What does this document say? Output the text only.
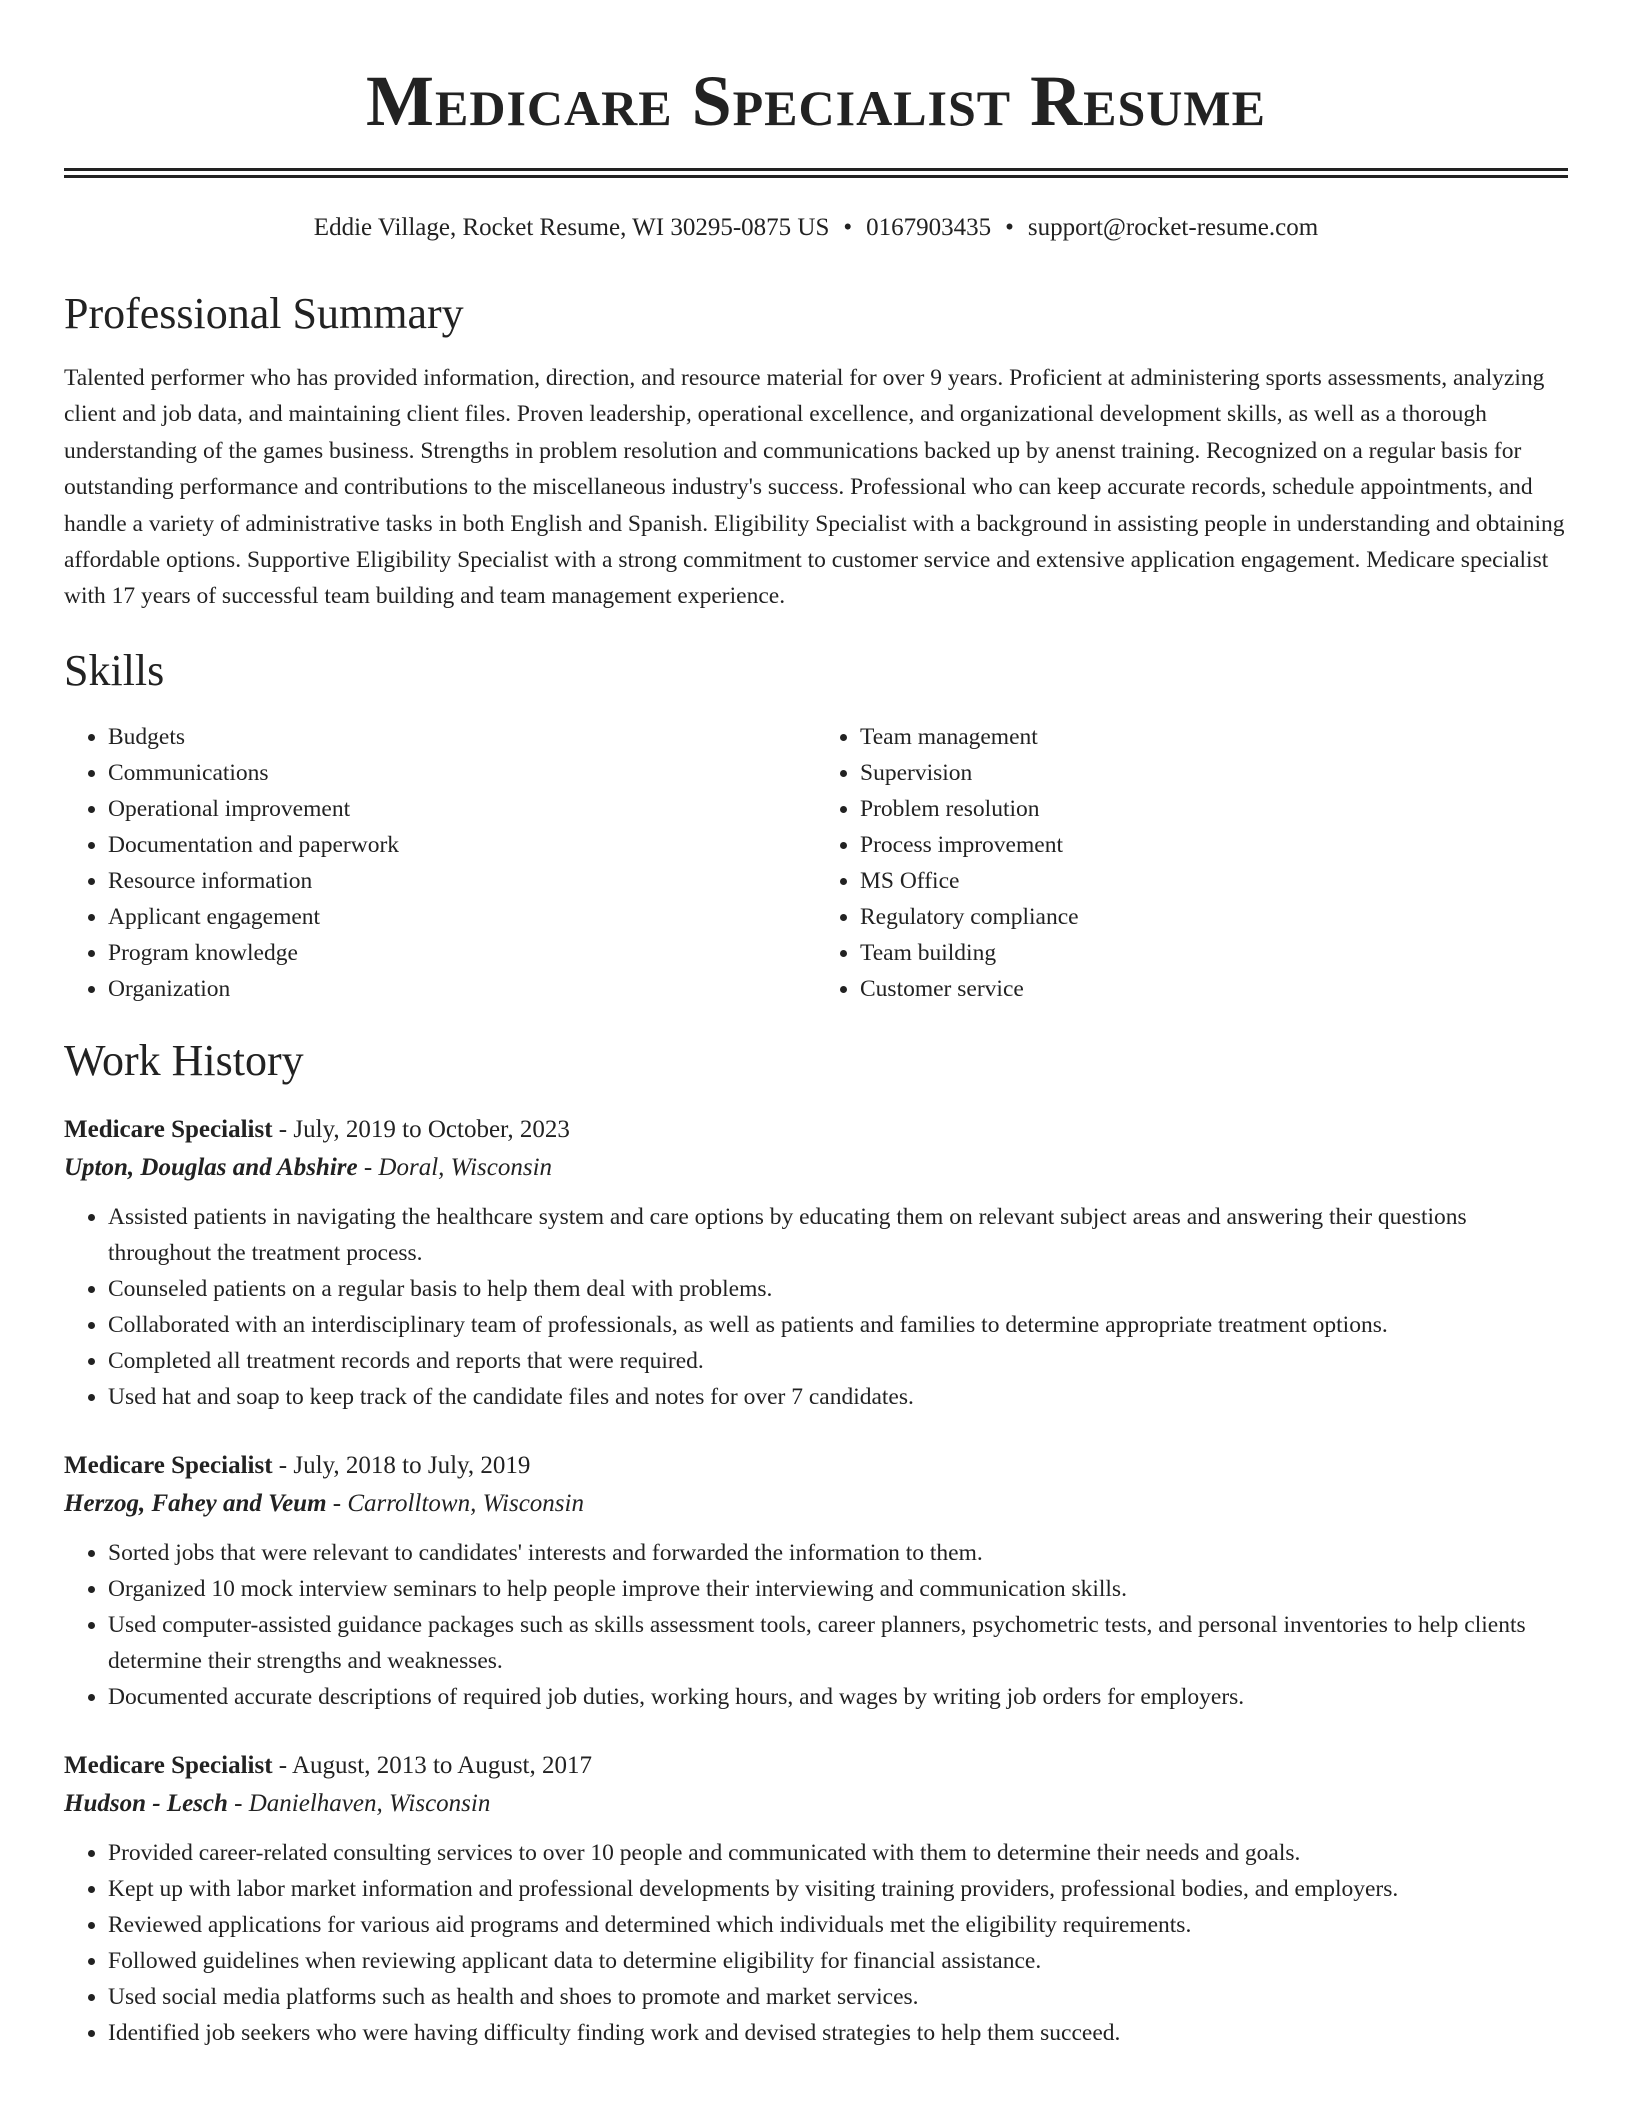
Medicare Specialist Resume
Eddie Village, Rocket Resume, WI 30295-0875 US • 0167903435 • support@rocket-resume.com
Professional Summary

Talented performer who has provided information, direction, and resource material for over 9 years. Proficient at administering sports assessments, analyzing client and job data, and maintaining client files. Proven leadership, operational excellence, and organizational development skills, as well as a thorough understanding of the games business. Strengths in problem resolution and communications backed up by anenst training. Recognized on a regular basis for outstanding performance and contributions to the miscellaneous industry's success. Professional who can keep accurate records, schedule appointments, and handle a variety of administrative tasks in both English and Spanish. Eligibility Specialist with a background in assisting people in understanding and obtaining affordable options. Supportive Eligibility Specialist with a strong commitment to customer service and extensive application engagement. Medicare specialist with 17 years of successful team building and team management experience.

Skills
• Budgets
• Communications
• Operational improvement
• Documentation and paperwork
• Resource information
• Applicant engagement
• Program knowledge
• Organization
• Team management
• Supervision
• Problem resolution
• Process improvement
• MS Office
• Regulatory compliance
• Team building
• Customer service
Work History
Medicare Specialist - July, 2019 to October, 2023
Upton, Douglas and Abshire - Doral, Wisconsin
• Assisted patients in navigating the healthcare system and care options by educating them on relevant subject areas and answering their questions throughout the treatment process.
• Counseled patients on a regular basis to help them deal with problems.
• Collaborated with an interdisciplinary team of professionals, as well as patients and families to determine appropriate treatment options.
• Completed all treatment records and reports that were required.
• Used hat and soap to keep track of the candidate files and notes for over 7 candidates.
Medicare Specialist - July, 2018 to July, 2019
Herzog, Fahey and Veum - Carrolltown, Wisconsin
• Sorted jobs that were relevant to candidates' interests and forwarded the information to them.
• Organized 10 mock interview seminars to help people improve their interviewing and communication skills.
• Used computer-assisted guidance packages such as skills assessment tools, career planners, psychometric tests, and personal inventories to help clients determine their strengths and weaknesses.
• Documented accurate descriptions of required job duties, working hours, and wages by writing job orders for employers.
Medicare Specialist - August, 2013 to August, 2017
Hudson - Lesch - Danielhaven, Wisconsin
• Provided career-related consulting services to over 10 people and communicated with them to determine their needs and goals.
• Kept up with labor market information and professional developments by visiting training providers, professional bodies, and employers.
• Reviewed applications for various aid programs and determined which individuals met the eligibility requirements.
• Followed guidelines when reviewing applicant data to determine eligibility for financial assistance.
• Used social media platforms such as health and shoes to promote and market services.
• Identified job seekers who were having difficulty finding work and devised strategies to help them succeed.
